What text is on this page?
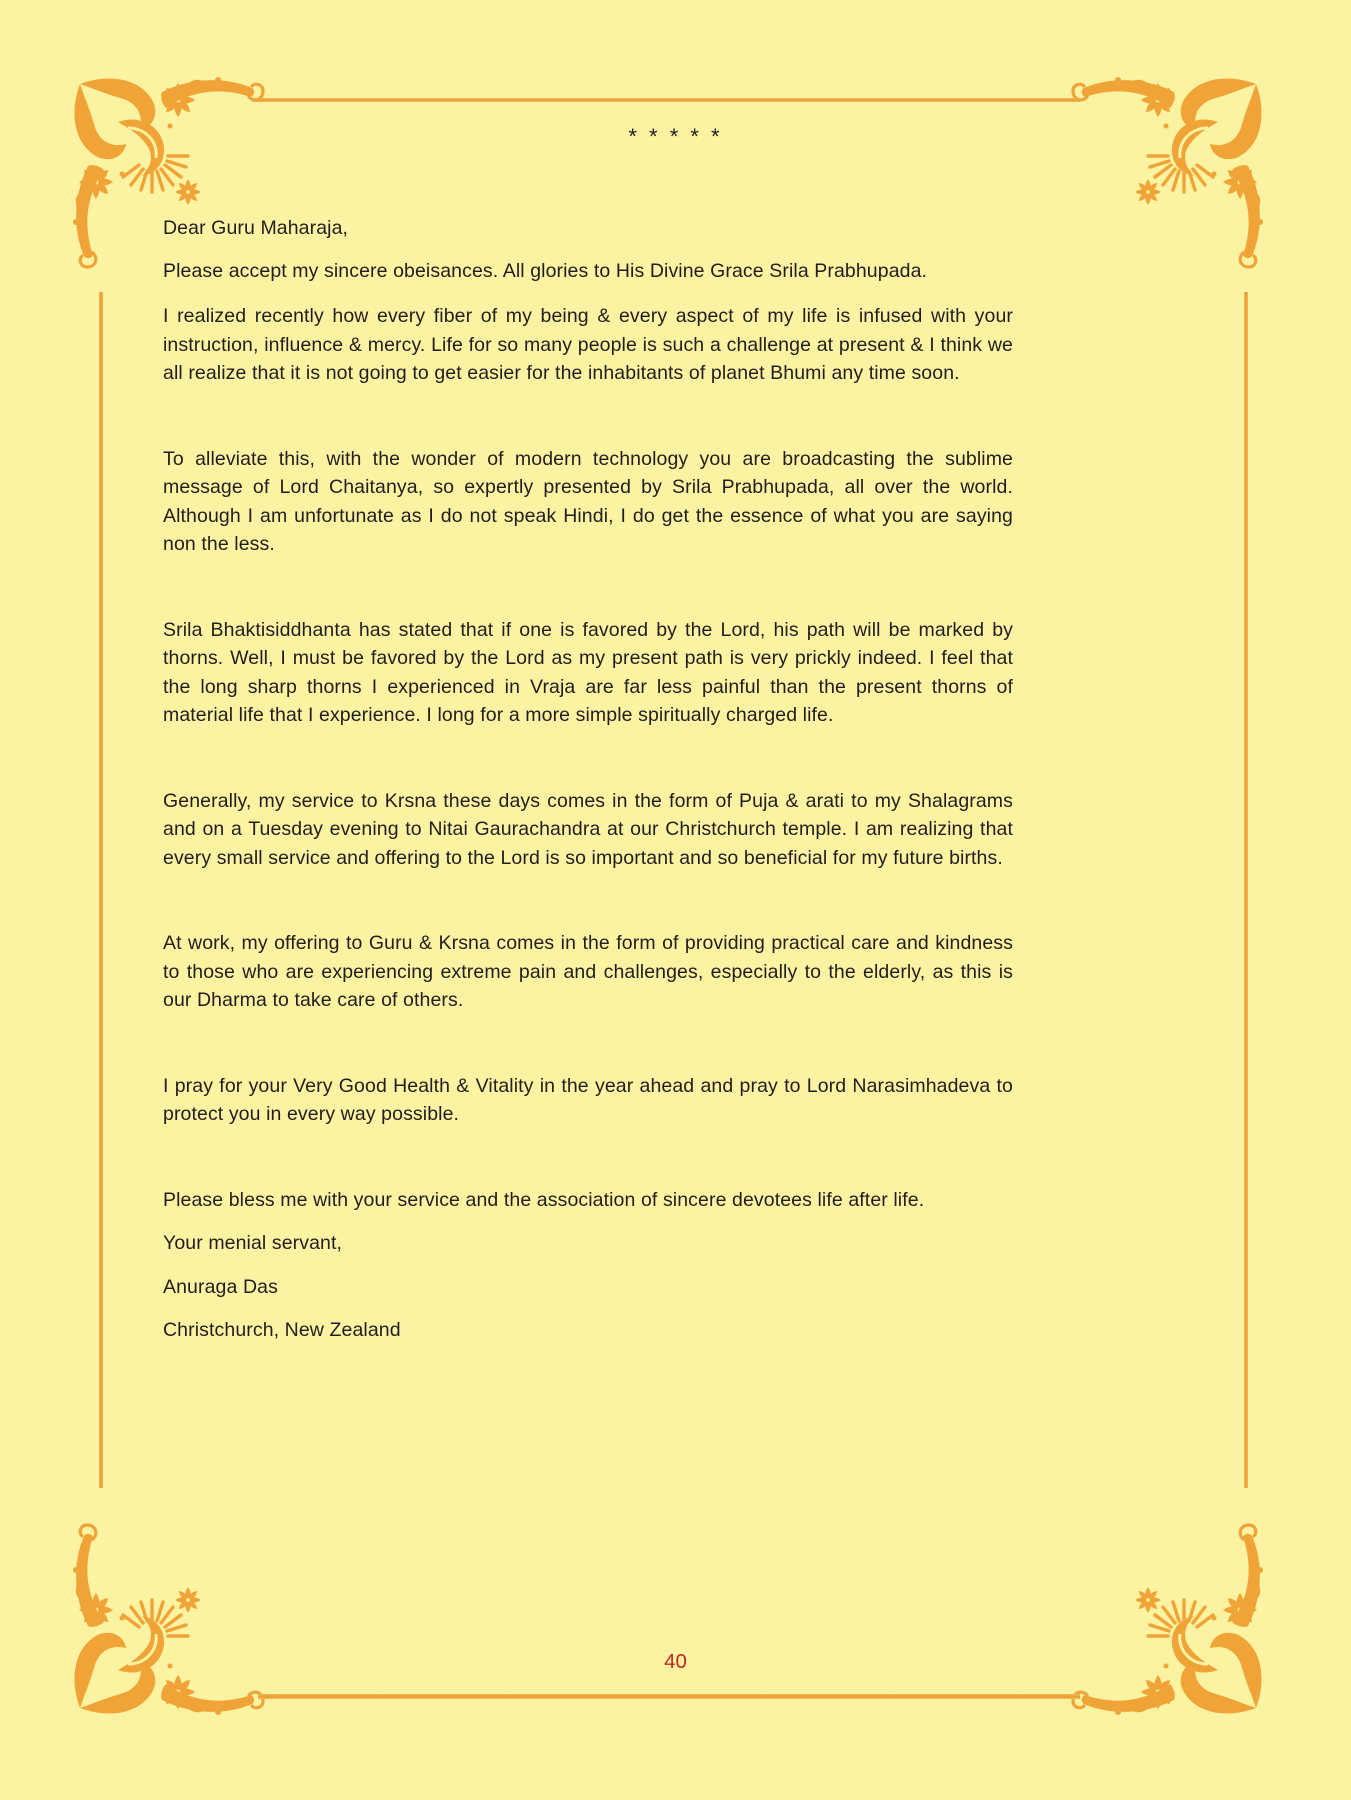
* * * * *

Dear Guru Maharaja,

Please accept my sincere obeisances. All glories to His Divine Grace Srila Prabhupada.

I realized recently how every fiber of my being & every aspect of my life is infused with your instruction, influence & mercy. Life for so many people is such a challenge at present & I think we all realize that it is not going to get easier for the inhabitants of planet Bhumi any time soon.

To alleviate this, with the wonder of modern technology you are broadcasting the sublime message of Lord Chaitanya, so expertly presented by Srila Prabhupada, all over the world. Although I am unfortunate as I do not speak Hindi, I do get the essence of what you are saying non the less.

Srila Bhaktisiddhanta has stated that if one is favored by the Lord, his path will be marked by thorns. Well, I must be favored by the Lord as my present path is very prickly indeed. I feel that the long sharp thorns I experienced in Vraja are far less painful than the present thorns of material life that I experience. I long for a more simple spiritually charged life.

Generally, my service to Krsna these days comes in the form of Puja & arati to my Shalagrams and on a Tuesday evening to Nitai Gaurachandra at our Christchurch temple. I am realizing that every small service and offering to the Lord is so important and so beneficial for my future births.

At work, my offering to Guru & Krsna comes in the form of providing practical care and kindness to those who are experiencing extreme pain and challenges, especially to the elderly, as this is our Dharma to take care of others.

I pray for your Very Good Health & Vitality in the year ahead and pray to Lord Narasimhadeva to protect you in every way possible.

Please bless me with your service and the association of sincere devotees life after life.

Your menial servant,

Anuraga Das

Christchurch, New Zealand

40
